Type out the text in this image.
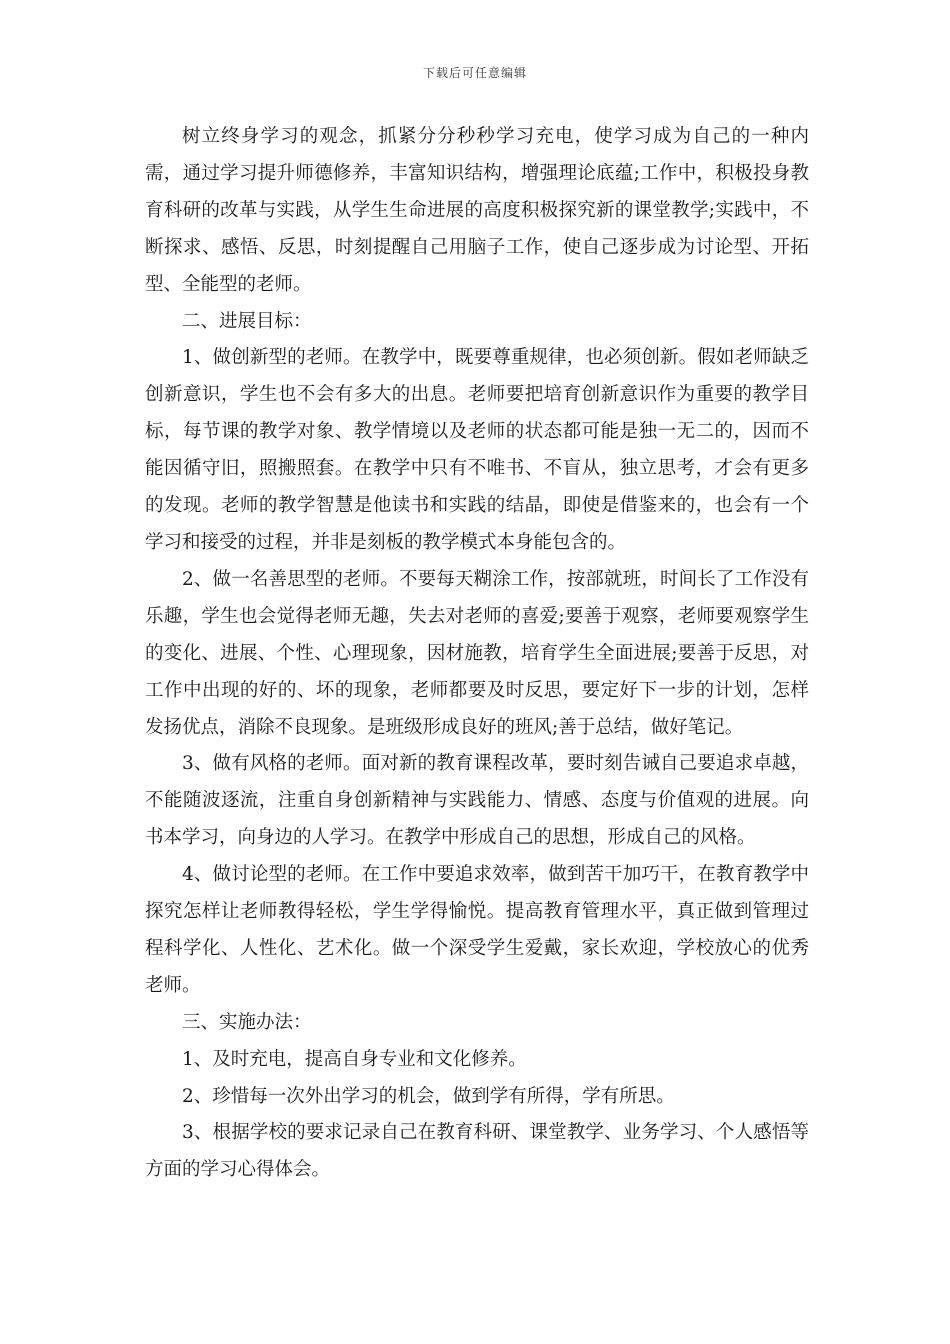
下载后可任意编辑

树立终身学习的观念，抓紧分分秒秒学习充电，使学习成为自己的一种内需，通过学习提升师德修养，丰富知识结构，增强理论底蕴;工作中，积极投身教育科研的改革与实践，从学生生命进展的高度积极探究新的课堂教学;实践中，不断探求、感悟、反思，时刻提醒自己用脑子工作，使自己逐步成为讨论型、开拓型、全能型的老师。

二、进展目标：

1、做创新型的老师。在教学中，既要尊重规律，也必须创新。假如老师缺乏创新意识，学生也不会有多大的出息。老师要把培育创新意识作为重要的教学目标，每节课的教学对象、教学情境以及老师的状态都可能是独一无二的，因而不能因循守旧，照搬照套。在教学中只有不唯书、不盲从，独立思考，才会有更多的发现。老师的教学智慧是他读书和实践的结晶，即使是借鉴来的，也会有一个学习和接受的过程，并非是刻板的教学模式本身能包含的。

2、做一名善思型的老师。不要每天糊涂工作，按部就班，时间长了工作没有乐趣，学生也会觉得老师无趣，失去对老师的喜爱;要善于观察，老师要观察学生的变化、进展、个性、心理现象，因材施教，培育学生全面进展;要善于反思，对工作中出现的好的、坏的现象，老师都要及时反思，要定好下一步的计划，怎样发扬优点，消除不良现象。是班级形成良好的班风;善于总结，做好笔记。

3、做有风格的老师。面对新的教育课程改革，要时刻告诫自己要追求卓越，不能随波逐流，注重自身创新精神与实践能力、情感、态度与价值观的进展。向书本学习，向身边的人学习。在教学中形成自己的思想，形成自己的风格。

4、做讨论型的老师。在工作中要追求效率，做到苦干加巧干，在教育教学中探究怎样让老师教得轻松，学生学得愉悦。提高教育管理水平，真正做到管理过程科学化、人性化、艺术化。做一个深受学生爱戴，家长欢迎，学校放心的优秀老师。

三、实施办法：

1、及时充电，提高自身专业和文化修养。

2、珍惜每一次外出学习的机会，做到学有所得，学有所思。

3、根据学校的要求记录自己在教育科研、课堂教学、业务学习、个人感悟等方面的学习心得体会。
